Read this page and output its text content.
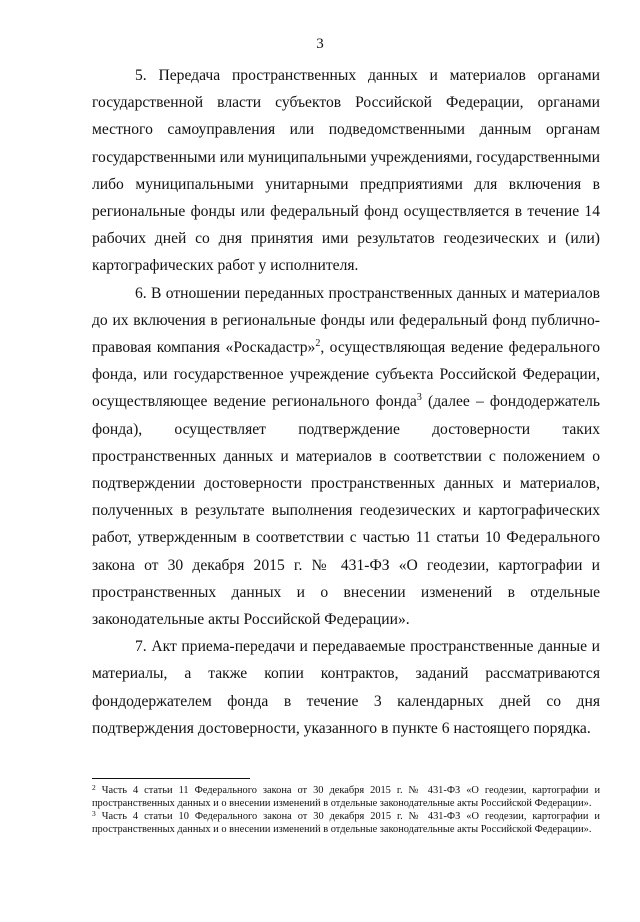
3

5. Передача пространственных данных и материалов органами государственной власти субъектов Российской Федерации, органами местного самоуправления или подведомственными данным органам государственными или муниципальными учреждениями, государственными либо муниципальными унитарными предприятиями для включения в региональные фонды или федеральный фонд осуществляется в течение 14 рабочих дней со дня принятия ими результатов геодезических и (или) картографических работ у исполнителя.

6. В отношении переданных пространственных данных и материалов до их включения в региональные фонды или федеральный фонд публично-правовая компания «Роскадастр»$^2$, осуществляющая ведение федерального фонда, или государственное учреждение субъекта Российской Федерации, осуществляющее ведение регионального фонда$^3$ (далее – фондодержатель фонда), осуществляет подтверждение достоверности таких пространственных данных и материалов в соответствии с положением о подтверждении достоверности пространственных данных и материалов, полученных в результате выполнения геодезических и картографических работ, утвержденным в соответствии с частью 11 статьи 10 Федерального закона от 30 декабря 2015 г. № 431-ФЗ «О геодезии, картографии и пространственных данных и о внесении изменений в отдельные законодательные акты Российской Федерации».

7. Акт приема-передачи и передаваемые пространственные данные и материалы, а также копии контрактов, заданий рассматриваются фондодержателем фонда в течение 3 календарных дней со дня подтверждения достоверности, указанного в пункте 6 настоящего порядка.

$^2$ Часть 4 статьи 11 Федерального закона от 30 декабря 2015 г. № 431-ФЗ «О геодезии, картографии и пространственных данных и о внесении изменений в отдельные законодательные акты Российской Федерации».

$^3$ Часть 4 статьи 10 Федерального закона от 30 декабря 2015 г. № 431-ФЗ «О геодезии, картографии и пространственных данных и о внесении изменений в отдельные законодательные акты Российской Федерации».
